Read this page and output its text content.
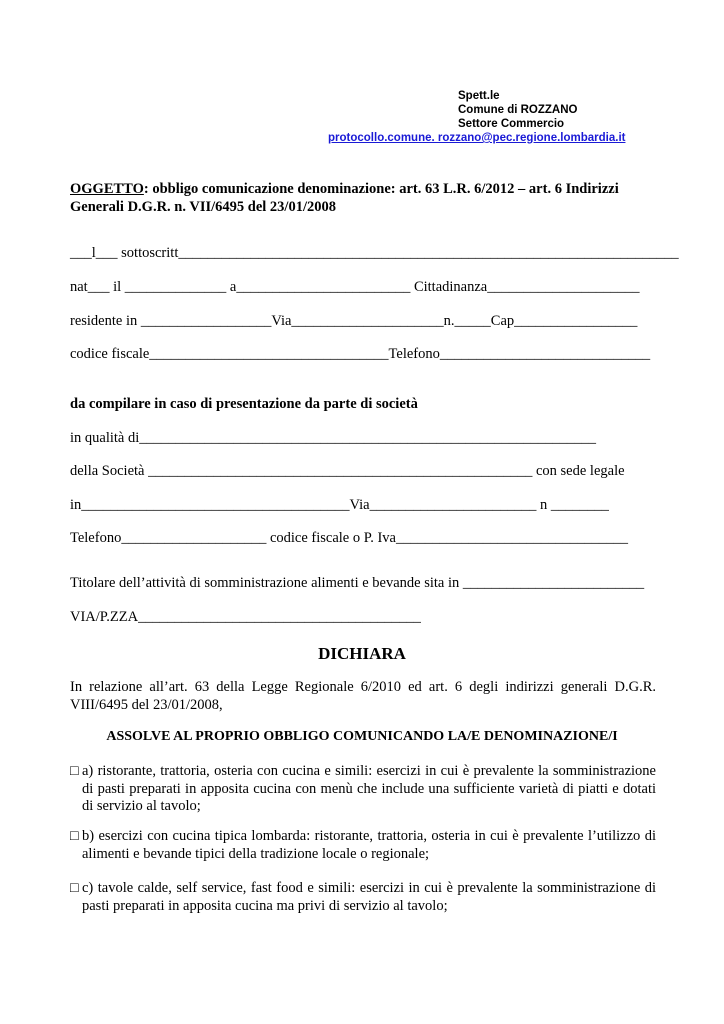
Spett.le
Comune di ROZZANO
Settore Commercio
protocollo.comune. rozzano@pec.regione.lombardia.it
OGGETTO: obbligo comunicazione denominazione: art. 63 L.R. 6/2012 – art. 6 Indirizzi
Generali D.G.R. n. VII/6495 del 23/01/2008
___l___ sottoscritt_____________________________________________________________________
nat___ il ______________ a________________________ Cittadinanza_____________________
residente in __________________Via_____________________n._____Cap_________________
codice fiscale_________________________________Telefono_____________________________
da compilare in caso di presentazione da parte di società
in qualità di_______________________________________________________________
della Società _____________________________________________________ con sede legale
in_____________________________________Via_______________________ n ________
Telefono____________________ codice fiscale o P. Iva________________________________
Titolare dell’attività di somministrazione alimenti e bevande sita in _________________________
VIA/P.ZZA_______________________________________
DICHIARA
In relazione all’art. 63 della Legge Regionale 6/2010 ed art. 6 degli indirizzi generali D.G.R. VIII/6495 del 23/01/2008,
ASSOLVE AL PROPRIO OBBLIGO COMUNICANDO LA/E DENOMINAZIONE/I
□ a) ristorante, trattoria, osteria con cucina e simili: esercizi in cui è prevalente la somministrazione di pasti preparati in apposita cucina con menù che include una sufficiente varietà di piatti e dotati di servizio al tavolo;
□ b) esercizi con cucina tipica lombarda: ristorante, trattoria, osteria in cui è prevalente l’utilizzo di alimenti e bevande tipici della tradizione locale o regionale;
□ c) tavole calde, self service, fast food e simili: esercizi in cui è prevalente la somministrazione di pasti preparati in apposita cucina ma privi di servizio al tavolo;
